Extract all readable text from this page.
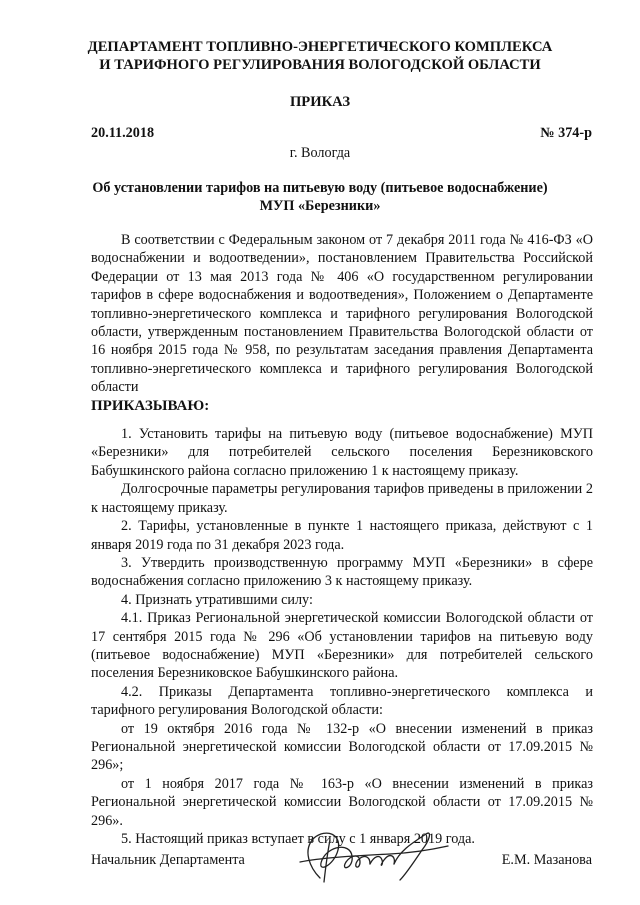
ДЕПАРТАМЕНТ ТОПЛИВНО-ЭНЕРГЕТИЧЕСКОГО КОМПЛЕКСА
И ТАРИФНОГО РЕГУЛИРОВАНИЯ ВОЛОГОДСКОЙ ОБЛАСТИ
ПРИКАЗ
20.11.2018	№ 374-р
г. Вологда
Об установлении тарифов на питьевую воду (питьевое водоснабжение)
МУП «Березники»

В соответствии с Федеральным законом от 7 декабря 2011 года № 416-ФЗ «О водоснабжении и водоотведении», постановлением Правительства Российской Федерации от 13 мая 2013 года № 406 «О государственном регулировании тарифов в сфере водоснабжения и водоотведения», Положением о Департаменте топливно-энергетического комплекса и тарифного регулирования Вологодской области, утвержденным постановлением Правительства Вологодской области от 16 ноября 2015 года № 958, по результатам заседания правления Департамента топливно-энергетического комплекса и тарифного регулирования Вологодской области

ПРИКАЗЫВАЮ:

1. Установить тарифы на питьевую воду (питьевое водоснабжение) МУП «Березники» для потребителей сельского поселения Березниковского Бабушкинского района согласно приложению 1 к настоящему приказу.

Долгосрочные параметры регулирования тарифов приведены в приложении 2 к настоящему приказу.

2. Тарифы, установленные в пункте 1 настоящего приказа, действуют с 1 января 2019 года по 31 декабря 2023 года.

3. Утвердить производственную программу МУП «Березники» в сфере водоснабжения согласно приложению 3 к настоящему приказу.

4. Признать утратившими силу:

4.1. Приказ Региональной энергетической комиссии Вологодской области от 17 сентября 2015 года № 296 «Об установлении тарифов на питьевую воду (питьевое водоснабжение) МУП «Березники» для потребителей сельского поселения Березниковское Бабушкинского района.

4.2. Приказы Департамента топливно-энергетического комплекса и тарифного регулирования Вологодской области:

от 19 октября 2016 года № 132-р «О внесении изменений в приказ Региональной энергетической комиссии Вологодской области от 17.09.2015 № 296»;

от 1 ноября 2017 года № 163-р «О внесении изменений в приказ Региональной энергетической комиссии Вологодской области от 17.09.2015 № 296».

5. Настоящий приказ вступает в силу с 1 января 2019 года.

Начальник Департамента	Е.М. Мазанова
